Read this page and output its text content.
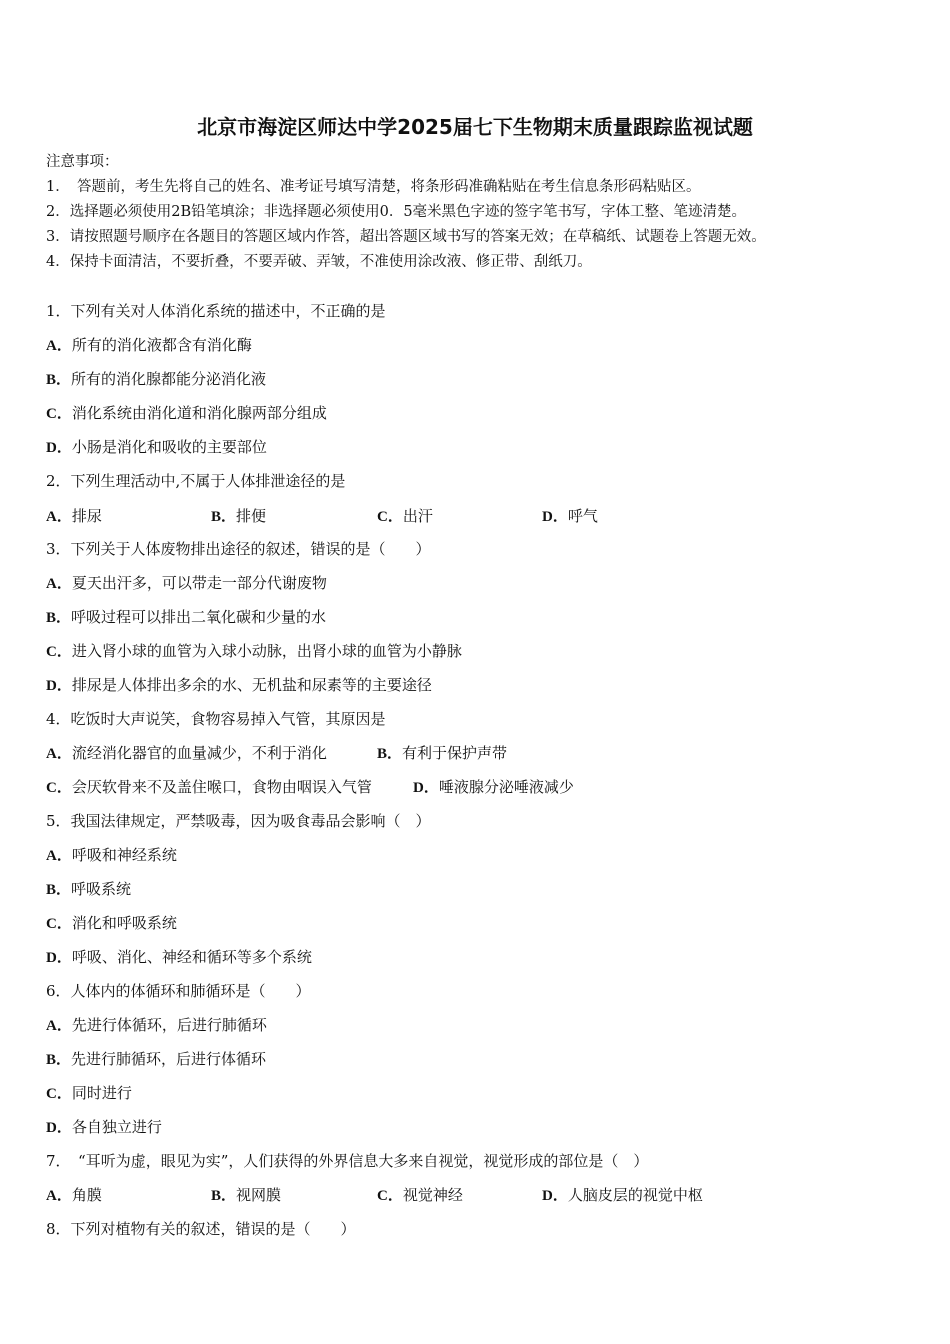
北京市海淀区师达中学2025届七下生物期末质量跟踪监视试题
注意事项：
1．　答题前，考生先将自己的姓名、准考证号填写清楚，将条形码准确粘贴在考生信息条形码粘贴区。
2．选择题必须使用2B铅笔填涂；非选择题必须使用0．5毫米黑色字迹的签字笔书写，字体工整、笔迹清楚。
3．请按照题号顺序在各题目的答题区域内作答，超出答题区域书写的答案无效；在草稿纸、试题卷上答题无效。
4．保持卡面清洁，不要折叠，不要弄破、弄皱，不准使用涂改液、修正带、刮纸刀。
1．下列有关对人体消化系统的描述中，不正确的是
A．所有的消化液都含有消化酶
B．所有的消化腺都能分泌消化液
C．消化系统由消化道和消化腺两部分组成
D．小肠是消化和吸收的主要部位
2．下列生理活动中,不属于人体排泄途径的是
A．排尿	B．排便	C．出汗	D．呼气
3．下列关于人体废物排出途径的叙述，错误的是（　　）
A．夏天出汗多，可以带走一部分代谢废物
B．呼吸过程可以排出二氧化碳和少量的水
C．进入肾小球的血管为入球小动脉，出肾小球的血管为小静脉
D．排尿是人体排出多余的水、无机盐和尿素等的主要途径
4．吃饭时大声说笑，食物容易掉入气管，其原因是
A．流经消化器官的血量减少，不利于消化	B．有利于保护声带
C．会厌软骨来不及盖住喉口，食物由咽误入气管	D．唾液腺分泌唾液减少
5．我国法律规定，严禁吸毒，因为吸食毒品会影响（　）
A．呼吸和神经系统
B．呼吸系统
C．消化和呼吸系统
D．呼吸、消化、神经和循环等多个系统
6．人体内的体循环和肺循环是（　　）
A．先进行体循环，后进行肺循环
B．先进行肺循环，后进行体循环
C．同时进行
D．各自独立进行
7．　“耳听为虚，眼见为实”，人们获得的外界信息大多来自视觉，视觉形成的部位是（　）
A．角膜	B．视网膜	C．视觉神经	D．人脑皮层的视觉中枢
8．下列对植物有关的叙述，错误的是（　　）
